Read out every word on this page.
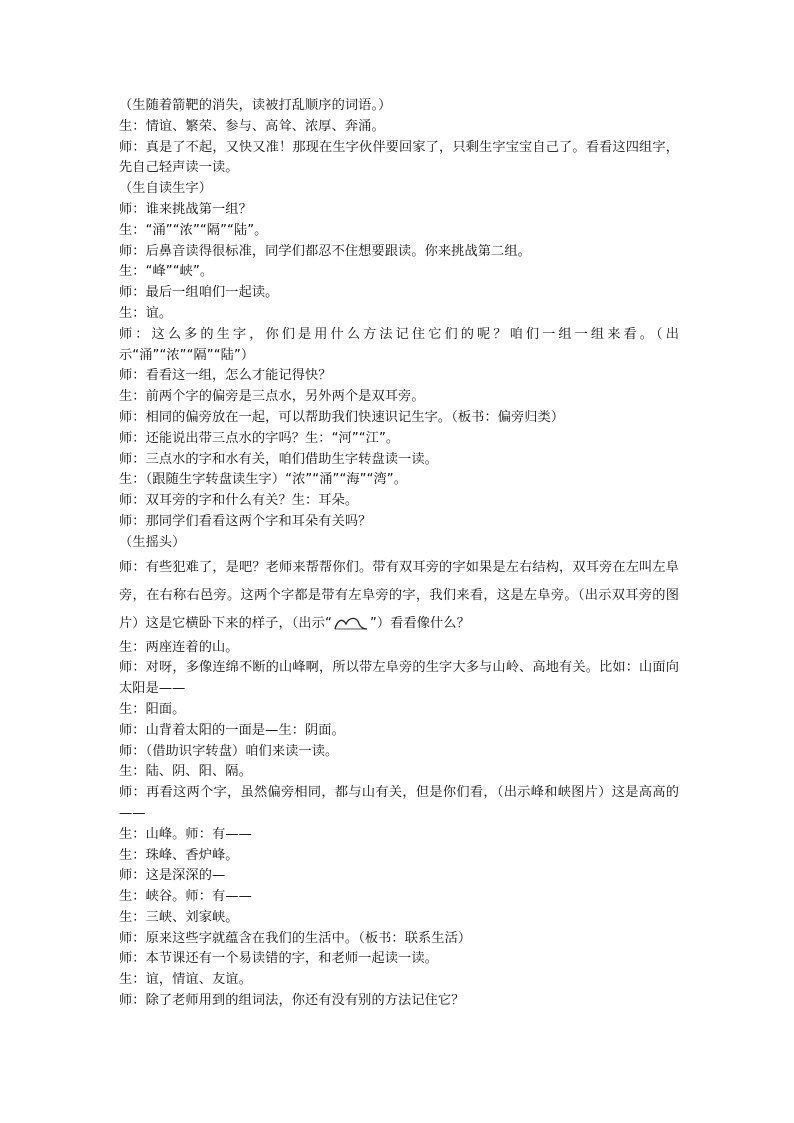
（生随着箭靶的消失，读被打乱顺序的词语。）
生：情谊、繁荣、参与、高耸、浓厚、奔涌。
师：真是了不起，又快又准！那现在生字伙伴要回家了，只剩生字宝宝自己了。看看这四组字，先自己轻声读一读。
（生自读生字）
师：谁来挑战第一组？
生：“涌”“浓”“隔”“陆”。
师：后鼻音读得很标准，同学们都忍不住想要跟读。你来挑战第二组。
生：“峰”“峡”。
师：最后一组咱们一起读。
生：谊。
师：这么多的生字，你们是用什么方法记住它们的呢？咱们一组一组来看。（出示“涌”“浓”“隔”“陆”）
师：看看这一组，怎么才能记得快？
生：前两个字的偏旁是三点水，另外两个是双耳旁。
师：相同的偏旁放在一起，可以帮助我们快速识记生字。（板书：偏旁归类）
师：还能说出带三点水的字吗？生：“河”“江”。
师：三点水的字和水有关，咱们借助生字转盘读一读。
生：（跟随生字转盘读生字）“浓”“涌”“海”“湾”。
师：双耳旁的字和什么有关？生：耳朵。
师：那同学们看看这两个字和耳朵有关吗？
（生摇头）
师：有些犯难了，是吧？老师来帮帮你们。带有双耳旁的字如果是左右结构，双耳旁在左叫左阜旁，在右称右邑旁。这两个字都是带有左阜旁的字，我们来看，这是左阜旁。（出示双耳旁的图片）这是它横卧下来的样子，（出示“	”）看看像什么？
生：两座连着的山。
师：对呀，多像连绵不断的山峰啊，所以带左阜旁的生字大多与山岭、高地有关。比如：山面向太阳是——
生：阳面。
师：山背着太阳的一面是—生：阴面。
师：（借助识字转盘）咱们来读一读。
生：陆、阴、阳、隔。
师：再看这两个字，虽然偏旁相同，都与山有关，但是你们看，（出示峰和峡图片）这是高高的——
生：山峰。师：有——
生：珠峰、香炉峰。
师：这是深深的—
生：峡谷。师：有——
生：三峡、刘家峡。
师：原来这些字就蕴含在我们的生活中。（板书：联系生活）
师：本节课还有一个易读错的字，和老师一起读一读。
生：谊，情谊、友谊。
师：除了老师用到的组词法，你还有没有别的方法记住它？
